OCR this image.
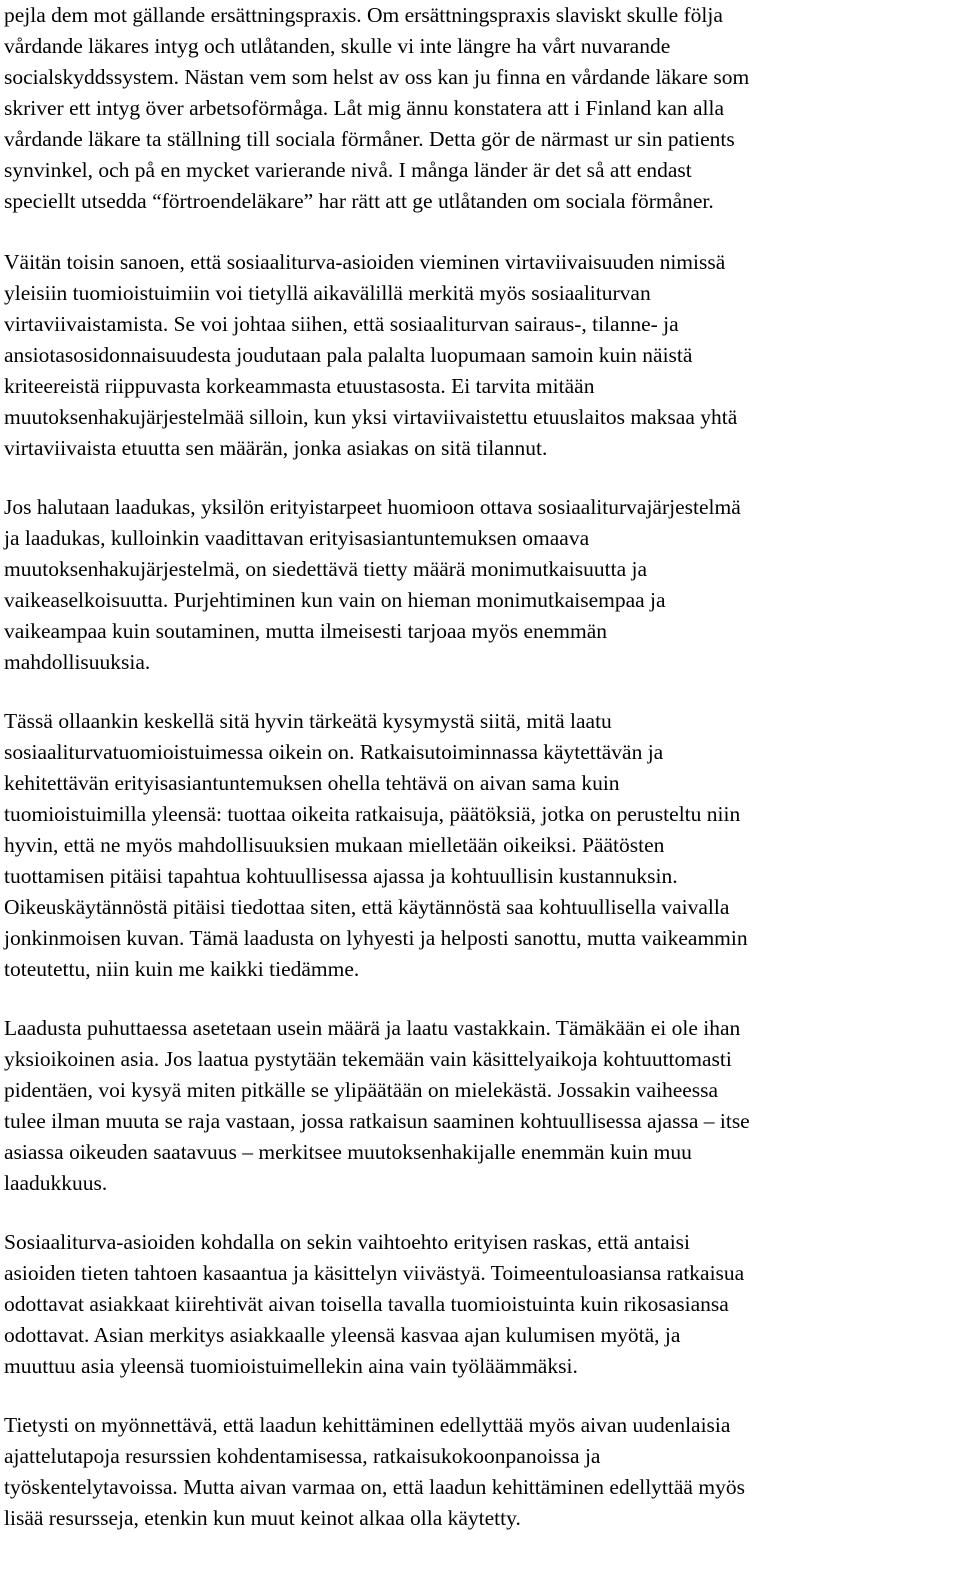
pejla dem mot gällande ersättningspraxis. Om ersättningspraxis slaviskt skulle följa
vårdande läkares intyg och utlåtanden, skulle vi inte längre ha vårt nuvarande
socialskyddssystem. Nästan vem som helst av oss kan ju finna en vårdande läkare som
skriver ett intyg över arbetsoförmåga. Låt mig ännu konstatera att i Finland kan alla
vårdande läkare ta ställning till sociala förmåner. Detta gör de närmast ur sin patients
synvinkel, och på en mycket varierande nivå. I många länder är det så att endast
speciellt utsedda “förtroendeläkare” har rätt att ge utlåtanden om sociala förmåner.
Väitän toisin sanoen, että sosiaaliturva-asioiden vieminen virtaviivaisuuden nimissä
yleisiin tuomioistuimiin voi tietyllä aikavälillä merkitä myös sosiaaliturvan
virtaviivaistamista. Se voi johtaa siihen, että sosiaaliturvan sairaus-, tilanne- ja
ansiotasosidonnaisuudesta joudutaan pala palalta luopumaan samoin kuin näistä
kriteereistä riippuvasta korkeammasta etuustasosta. Ei tarvita mitään
muutoksenhakujärjestelmää silloin, kun yksi virtaviivaistettu etuuslaitos maksaa yhtä
virtaviivaista etuutta sen määrän, jonka asiakas on sitä tilannut.
Jos halutaan laadukas, yksilön erityistarpeet huomioon ottava sosiaaliturvajärjestelmä
ja laadukas, kulloinkin vaadittavan erityisasiantuntemuksen omaava
muutoksenhakujärjestelmä, on siedettävä tietty määrä monimutkaisuutta ja
vaikeaselkoisuutta. Purjehtiminen kun vain on hieman monimutkaisempaa ja
vaikeampaa kuin soutaminen, mutta ilmeisesti tarjoaa myös enemmän
mahdollisuuksia.
Tässä ollaankin keskellä sitä hyvin tärkeätä kysymystä siitä, mitä laatu
sosiaaliturvatuomioistuimessa oikein on. Ratkaisutoiminnassa käytettävän ja
kehitettävän erityisasiantuntemuksen ohella tehtävä on aivan sama kuin
tuomioistuimilla yleensä: tuottaa oikeita ratkaisuja, päätöksiä, jotka on perusteltu niin
hyvin, että ne myös mahdollisuuksien mukaan mielletään oikeiksi. Päätösten
tuottamisen pitäisi tapahtua kohtuullisessa ajassa ja kohtuullisin kustannuksin.
Oikeuskäytännöstä pitäisi tiedottaa siten, että käytännöstä saa kohtuullisella vaivalla
jonkinmoisen kuvan. Tämä laadusta on lyhyesti ja helposti sanottu, mutta vaikeammin
toteutettu, niin kuin me kaikki tiedämme.
Laadusta puhuttaessa asetetaan usein määrä ja laatu vastakkain. Tämäkään ei ole ihan
yksioikoinen asia. Jos laatua pystytään tekemään vain käsittelyaikoja kohtuuttomasti
pidentäen, voi kysyä miten pitkälle se ylipäätään on mielekästä. Jossakin vaiheessa
tulee ilman muuta se raja vastaan, jossa ratkaisun saaminen kohtuullisessa ajassa – itse
asiassa oikeuden saatavuus – merkitsee muutoksenhakijalle enemmän kuin muu
laadukkuus.
Sosiaaliturva-asioiden kohdalla on sekin vaihtoehto erityisen raskas, että antaisi
asioiden tieten tahtoen kasaantua ja käsittelyn viivästyä. Toimeentuloasiansa ratkaisua
odottavat asiakkaat kiirehtivät aivan toisella tavalla tuomioistuinta kuin rikosasiansa
odottavat. Asian merkitys asiakkaalle yleensä kasvaa ajan kulumisen myötä, ja
muuttuu asia yleensä tuomioistuimellekin aina vain työläämmäksi.
Tietysti on myönnettävä, että laadun kehittäminen edellyttää myös aivan uudenlaisia
ajattelutapoja resurssien kohdentamisessa, ratkaisukokoonpanoissa ja
työskentelytavoissa. Mutta aivan varmaa on, että laadun kehittäminen edellyttää myös
lisää resursseja, etenkin kun muut keinot alkaa olla käytetty.
